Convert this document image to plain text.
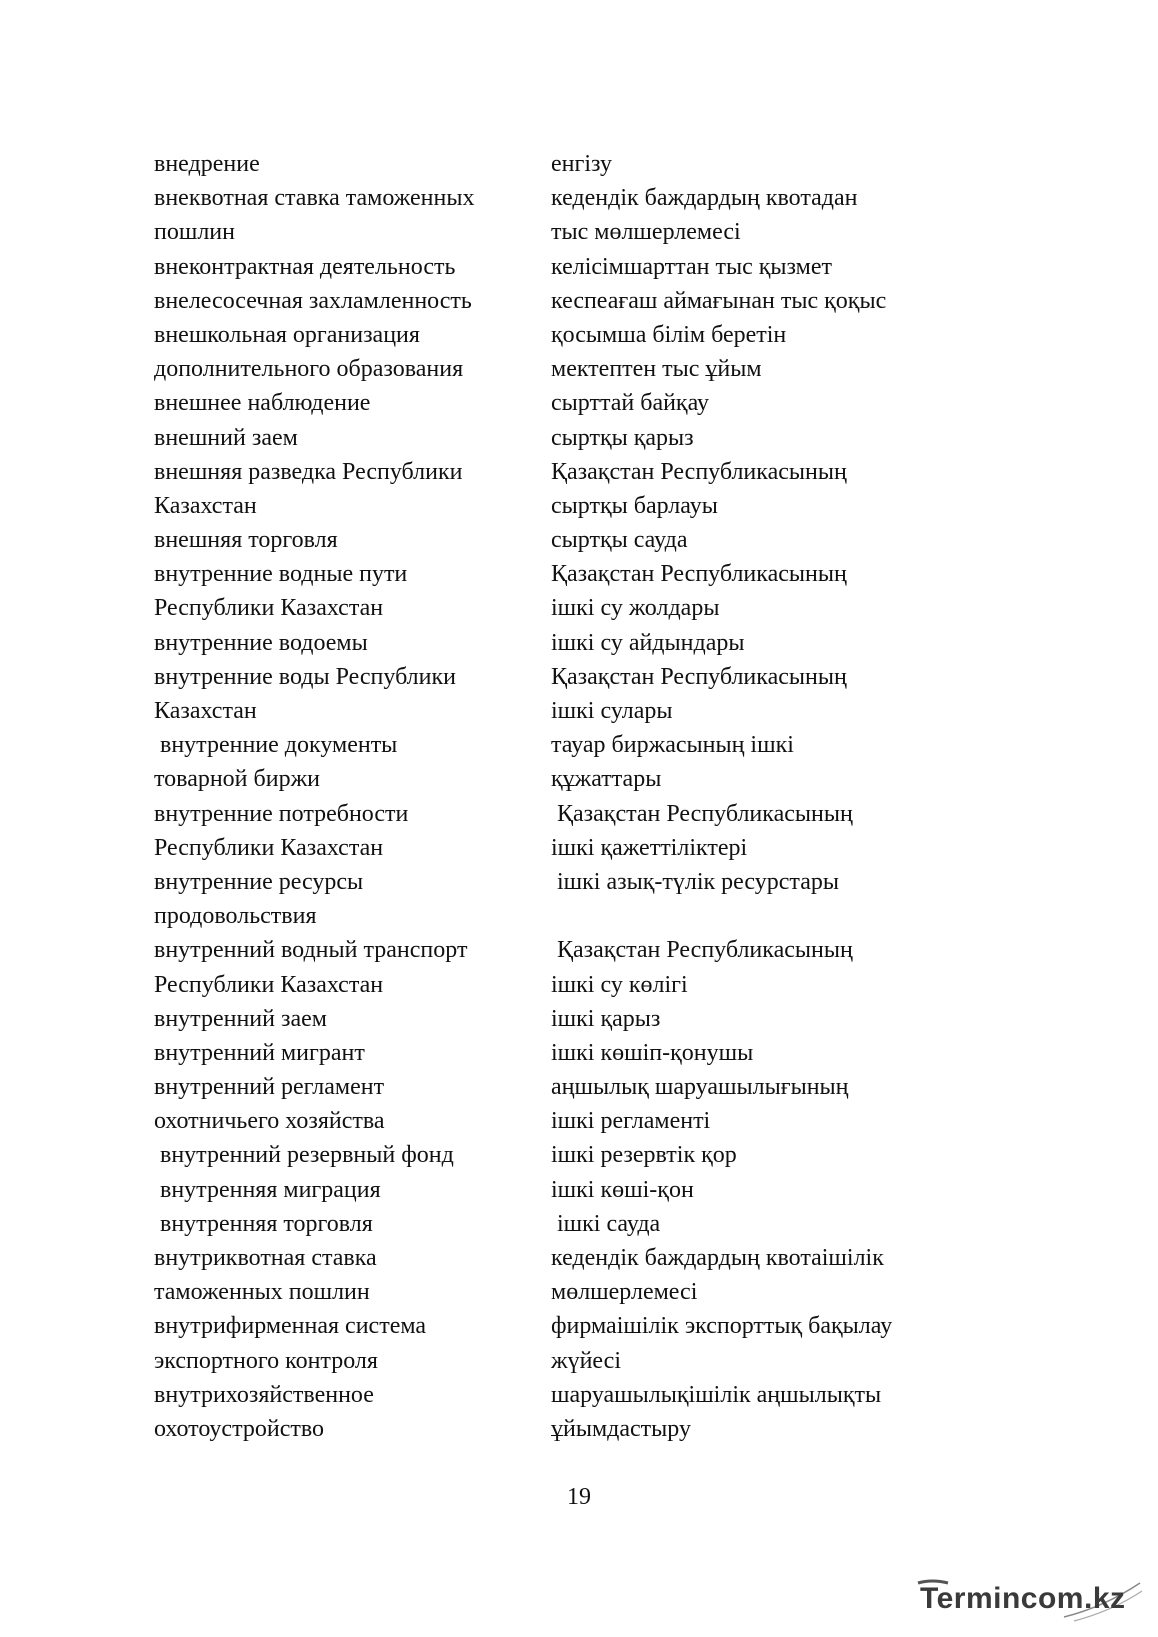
внедрение	енгізу
внеквотная ставка таможенных	кедендік баждардың квотадан
пошлин	тыс мөлшерлемесі
внеконтрактная деятельность	келісімшарттан тыс қызмет
внелесосечная захламленность	кеспеағаш аймағынан тыс қоқыс
внешкольная организация	қосымша білім беретін
дополнительного образования	мектептен тыс ұйым
внешнее наблюдение	сырттай байқау
внешний заем	сыртқы қарыз
внешняя разведка Республики	Қазақстан Республикасының
Казахстан	сыртқы барлауы
внешняя торговля	сыртқы сауда
внутренние водные пути	Қазақстан Республикасының
Республики Казахстан	ішкі су жолдары
внутренние водоемы	ішкі су айдындары
внутренние воды Республики	Қазақстан Республикасының
Казахстан	ішкі сулары
внутренние документы	тауар биржасының ішкі
товарной биржи	құжаттары
внутренние потребности	Қазақстан Республикасының
Республики Казахстан	ішкі қажеттіліктері
внутренние ресурсы	ішкі азық-түлік ресурстары
продовольствия
внутренний водный транспорт	Қазақстан Республикасының
Республики Казахстан	ішкі су көлігі
внутренний заем	ішкі қарыз
внутренний мигрант	ішкі көшіп-қонушы
внутренний регламент	аңшылық шаруашылығының
охотничьего хозяйства	ішкі регламенті
внутренний резервный фонд	ішкі резервтік қор
внутренняя миграция	ішкі көші-қон
внутренняя торговля	ішкі сауда
внутриквотная ставка	кедендік баждардың квотаішілік
таможенных пошлин	мөлшерлемесі
внутрифирменная система	фирмаішілік экспорттық бақылау
экспортного контроля	жүйесі
внутрихозяйственное	шаруашылықішілік аңшылықты
охотоустройство	ұйымдастыру
19
Termincom.kz
